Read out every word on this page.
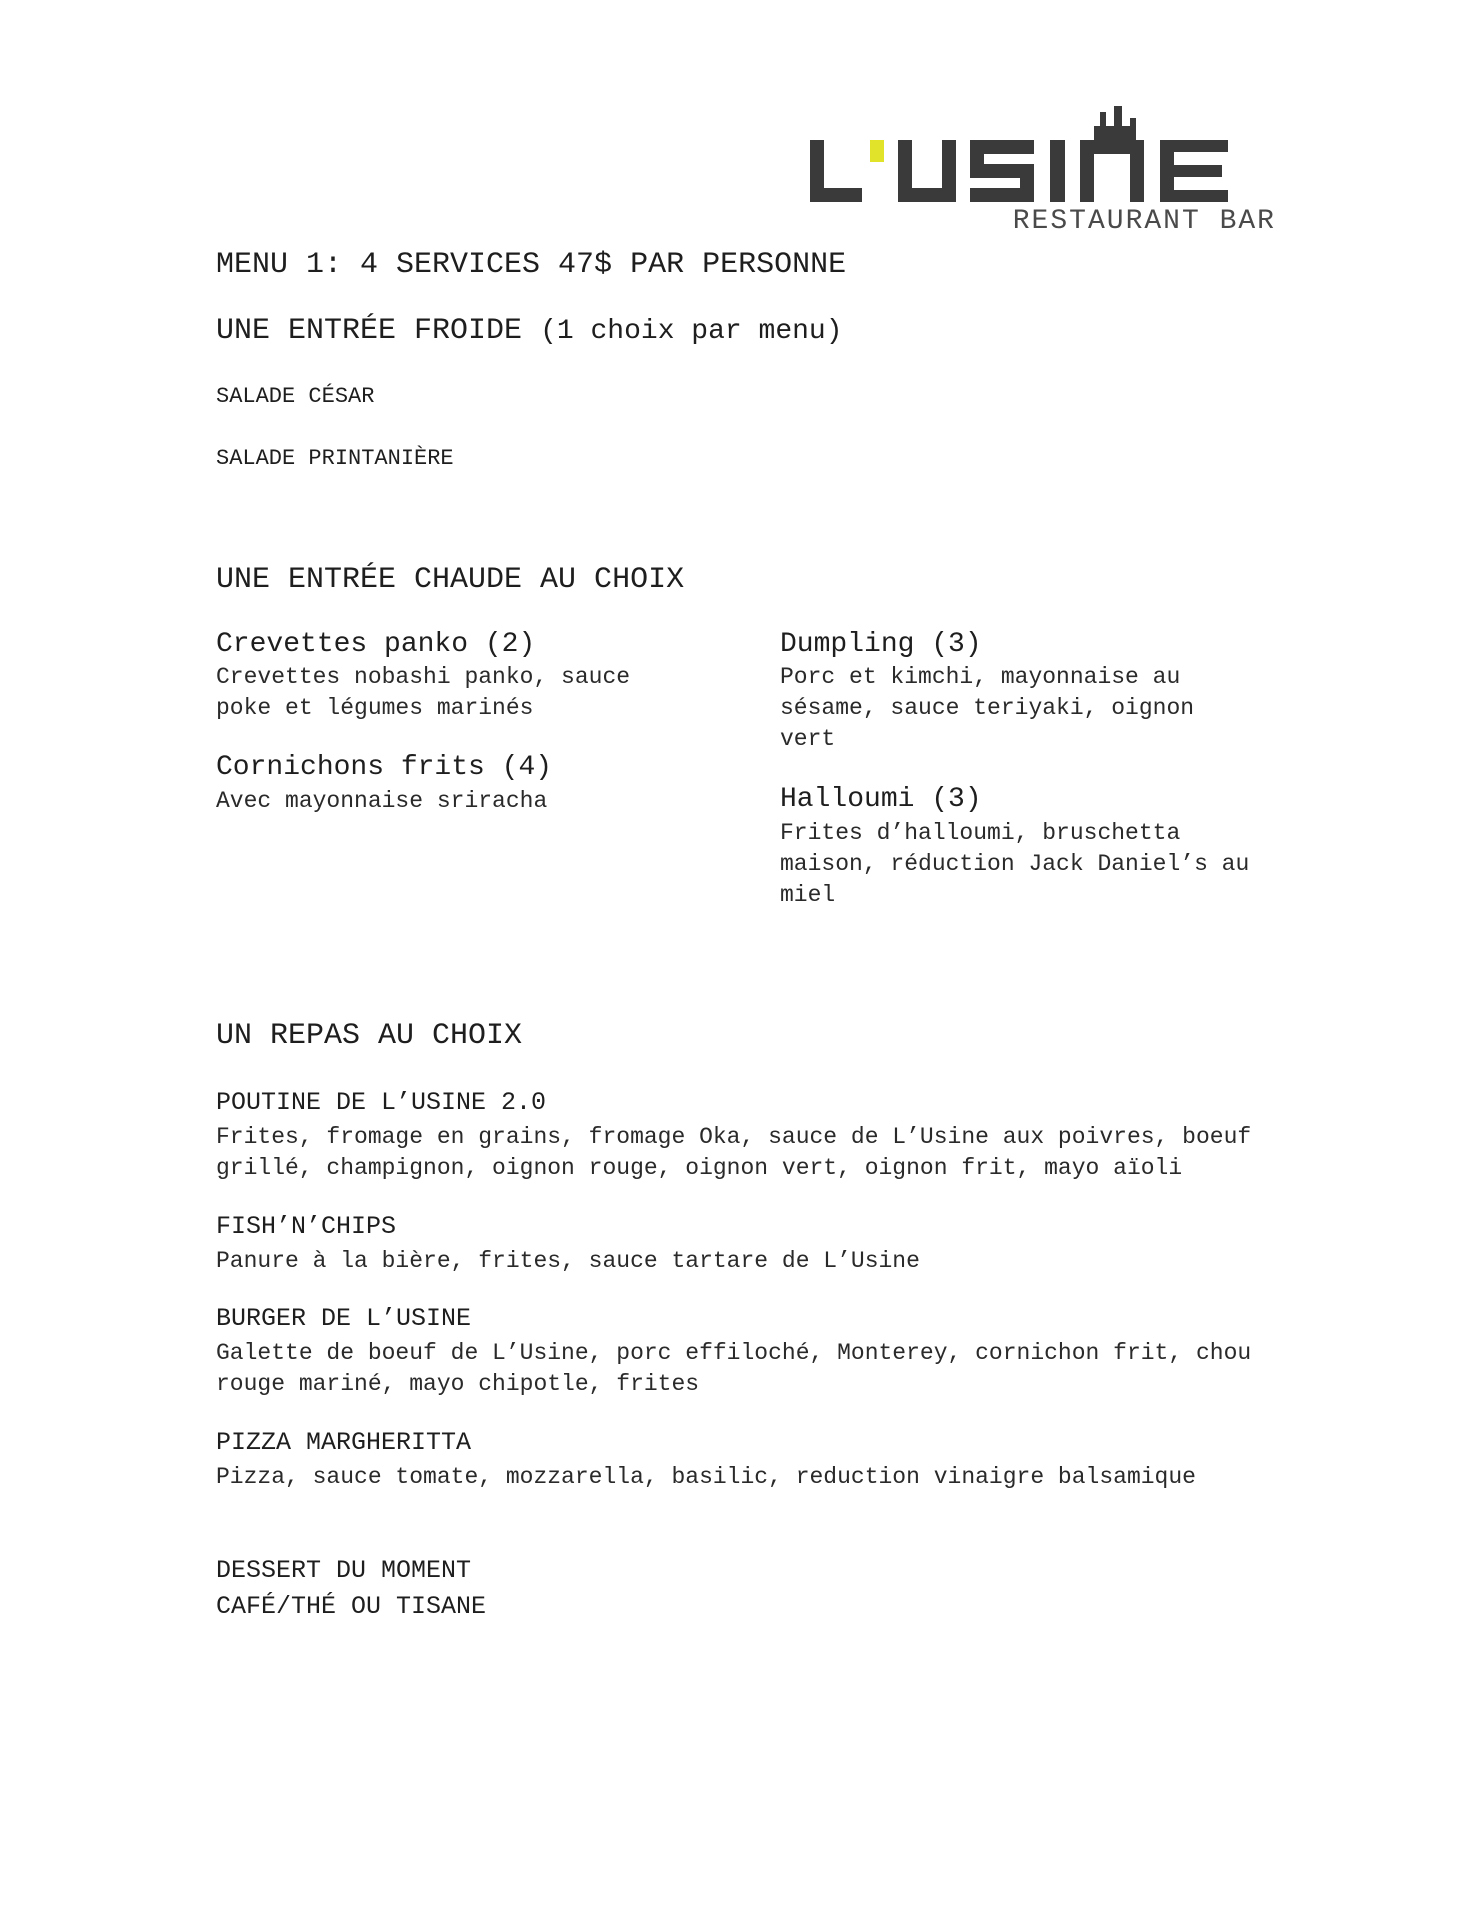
RESTAURANT BAR
MENU 1: 4 SERVICES 47$ PAR PERSONNE
UNE ENTRÉE FROIDE (1 choix par menu)
SALADE CÉSAR
SALADE PRINTANIÈRE
UNE ENTRÉE CHAUDE AU CHOIX
Crevettes panko (2)
Crevettes nobashi panko, sauce
poke et légumes marinés
Cornichons frits (4)
Avec mayonnaise sriracha
Dumpling (3)
Porc et kimchi, mayonnaise au
sésame, sauce teriyaki, oignon
vert
Halloumi (3)
Frites d’halloumi, bruschetta
maison, réduction Jack Daniel’s au
miel
UN REPAS AU CHOIX
POUTINE DE L’USINE 2.0
Frites, fromage en grains, fromage Oka, sauce de L’Usine aux poivres, boeuf
grillé, champignon, oignon rouge, oignon vert, oignon frit, mayo aïoli
FISH’N’CHIPS
Panure à la bière, frites, sauce tartare de L’Usine
BURGER DE L’USINE
Galette de boeuf de L’Usine, porc effiloché, Monterey, cornichon frit, chou
rouge mariné, mayo chipotle, frites
PIZZA MARGHERITTA
Pizza, sauce tomate, mozzarella, basilic, reduction vinaigre balsamique
DESSERT DU MOMENT
CAFÉ/THÉ OU TISANE
